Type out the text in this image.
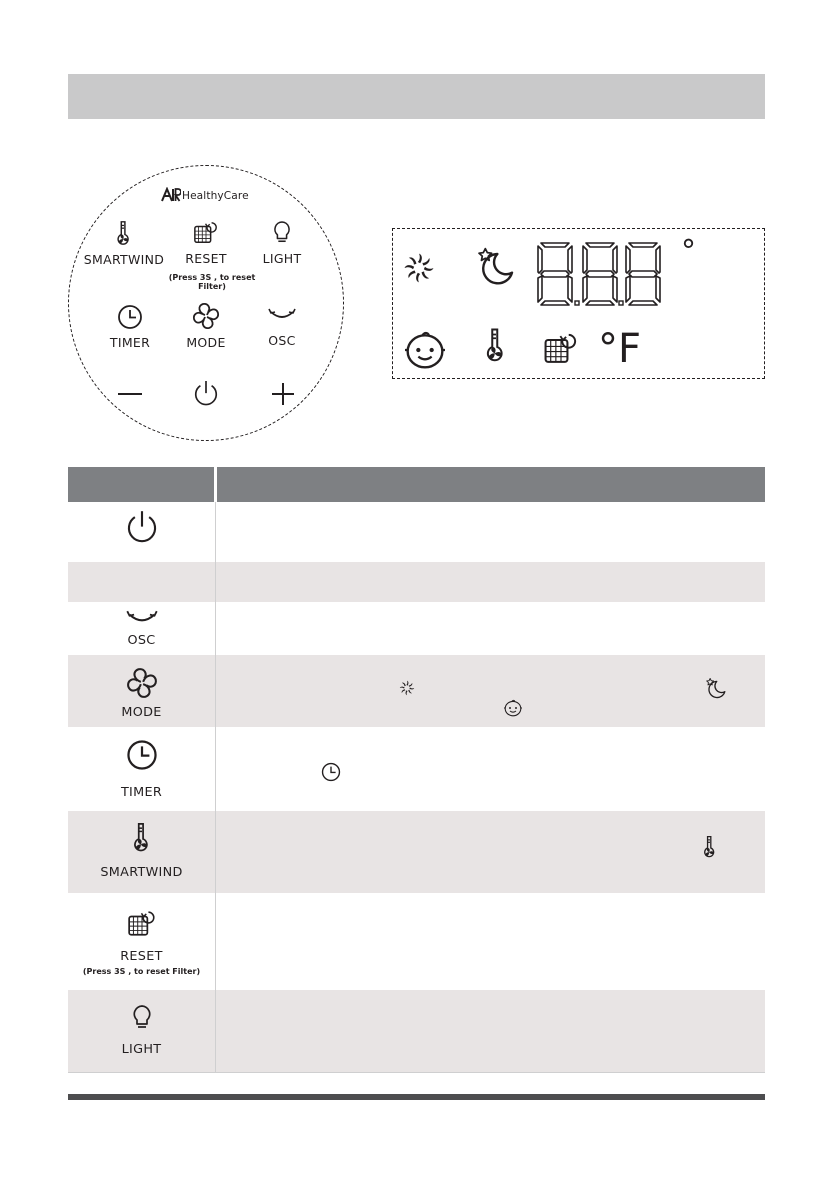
HealthyCare
SMARTWIND	RESET
(Press 3S , to reset Filter)
LIGHT
TIMER	MODE	OSC
°
°F
OSC
MODE
TIMER
SMARTWIND
RESET
(Press 3S , to reset Filter)
LIGHT
